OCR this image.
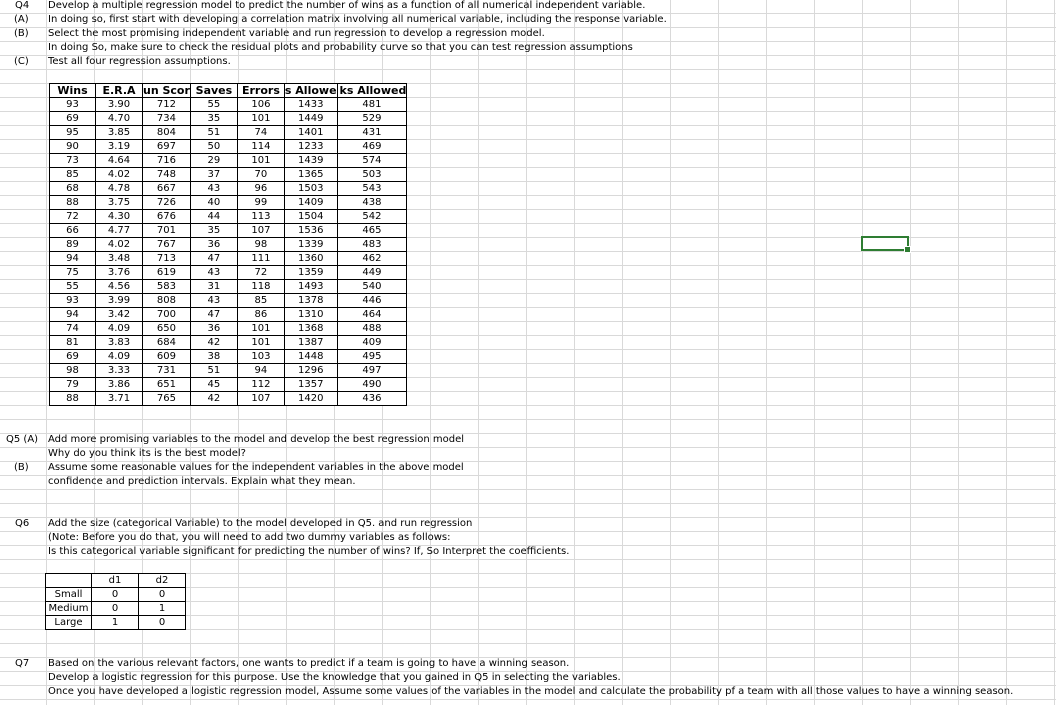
Q4 Develop a multiple regression model to predict the number of wins as a function of all numerical independent variable.
(A) In doing so, first start with developing a correlation matrix involving all numerical variable, including the response variable.
(B) Select the most promising independent variable and run regression to develop a regression model.
In doing So, make sure to check the residual plots and probability curve so that you can test regression assumptions
(C) Test all four regression assumptions.
Wins	E.R.A	un Scor	Saves	Errors	s Allowe	ks Allowed
93	3.90	712	55	106	1433	481
69	4.70	734	35	101	1449	529
95	3.85	804	51	74	1401	431
90	3.19	697	50	114	1233	469
73	4.64	716	29	101	1439	574
85	4.02	748	37	70	1365	503
68	4.78	667	43	96	1503	543
88	3.75	726	40	99	1409	438
72	4.30	676	44	113	1504	542
66	4.77	701	35	107	1536	465
89	4.02	767	36	98	1339	483
94	3.48	713	47	111	1360	462
75	3.76	619	43	72	1359	449
55	4.56	583	31	118	1493	540
93	3.99	808	43	85	1378	446
94	3.42	700	47	86	1310	464
74	4.09	650	36	101	1368	488
81	3.83	684	42	101	1387	409
69	4.09	609	38	103	1448	495
98	3.33	731	51	94	1296	497
79	3.86	651	45	112	1357	490
88	3.71	765	42	107	1420	436
Q5 (A) Add more promising variables to the model and develop the best regression model
Why do you think its is the best model?
(B) Assume some reasonable values for the independent variables in the above model
confidence and prediction intervals. Explain what they mean.
Q6 Add the size (categorical Variable) to the model developed in Q5. and run regression
(Note: Before you do that, you will need to add two dummy variables as follows:
Is this categorical variable significant for predicting the number of wins? If, So Interpret the coefficients.
	d1	d2
Small	0	0
Medium	0	1
Large	1	0
Q7 Based on the various relevant factors, one wants to predict if a team is going to have a winning season.
Develop a logistic regression for this purpose. Use the knowledge that you gained in Q5 in selecting the variables.
Once you have developed a logistic regression model, Assume some values of the variables in the model and calculate the probability pf a team with all those values to have a winning season.
